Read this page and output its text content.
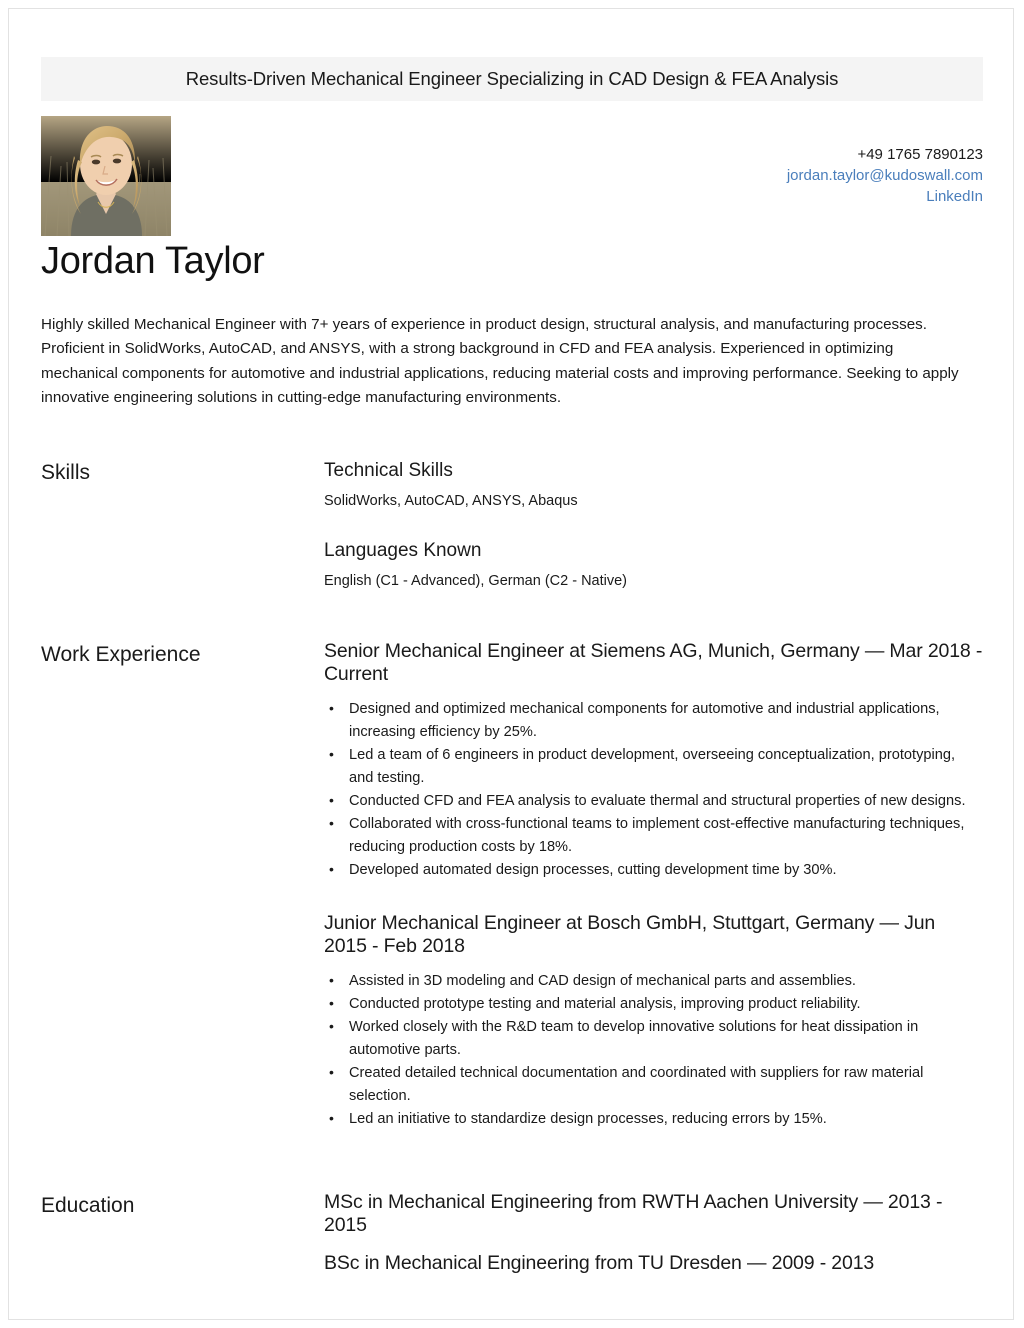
Results-Driven Mechanical Engineer Specializing in CAD Design & FEA Analysis
+49 1765 7890123
jordan.taylor@kudoswall.com
LinkedIn
Jordan Taylor

Highly skilled Mechanical Engineer with 7+ years of experience in product design, structural analysis, and manufacturing processes. Proficient in SolidWorks, AutoCAD, and ANSYS, with a strong background in CFD and FEA analysis. Experienced in optimizing mechanical components for automotive and industrial applications, reducing material costs and improving performance. Seeking to apply innovative engineering solutions in cutting-edge manufacturing environments.

Skills	Technical Skills

SolidWorks, AutoCAD, ANSYS, Abaqus

Languages Known

English (C1 - Advanced), German (C2 - Native)

Work Experience	Senior Mechanical Engineer at Siemens AG, Munich, Germany — Mar 2018 - Current
• Designed and optimized mechanical components for automotive and industrial applications, increasing efficiency by 25%.
• Led a team of 6 engineers in product development, overseeing conceptualization, prototyping, and testing.
• Conducted CFD and FEA analysis to evaluate thermal and structural properties of new designs.
• Collaborated with cross-functional teams to implement cost-effective manufacturing techniques, reducing production costs by 18%.
• Developed automated design processes, cutting development time by 30%.
Junior Mechanical Engineer at Bosch GmbH, Stuttgart, Germany — Jun 2015 - Feb 2018
• Assisted in 3D modeling and CAD design of mechanical parts and assemblies.
• Conducted prototype testing and material analysis, improving product reliability.
• Worked closely with the R&D team to develop innovative solutions for heat dissipation in automotive parts.
• Created detailed technical documentation and coordinated with suppliers for raw material selection.
• Led an initiative to standardize design processes, reducing errors by 15%.
Education	MSc in Mechanical Engineering from RWTH Aachen University — 2013 - 2015
BSc in Mechanical Engineering from TU Dresden — 2009 - 2013
